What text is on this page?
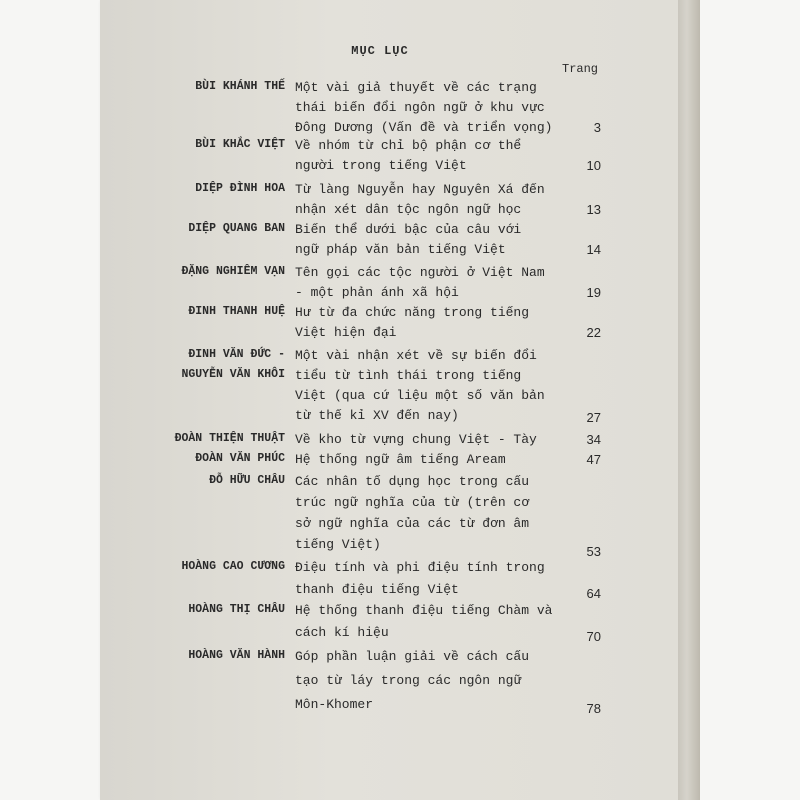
MỤC LỤC
Trang
BÙI KHÁNH THẾ Một vài giả thuyết về các trạng
thái biến đổi ngôn ngữ ở khu vực
Đông Dương (Vấn đề và triển vọng)	3
BÙI KHẮC VIỆT Về nhóm từ chỉ bộ phận cơ thể
người trong tiếng Việt	10
DIỆP ĐÌNH HOA Từ làng Nguyễn hay Nguyên Xá đến
nhận xét dân tộc ngôn ngữ học	13
DIỆP QUANG BAN Biến thể dưới bậc của câu với
ngữ pháp văn bản tiếng Việt	14
ĐẶNG NGHIÊM VẠN Tên gọi các tộc người ở Việt Nam
- một phản ánh xã hội	19
ĐINH THANH HUỆ Hư từ đa chức năng trong tiếng
Việt hiện đại	22
ĐINH VĂN ĐỨC -
NGUYỄN VĂN KHÔI
Một vài nhận xét về sự biến đổi
tiểu từ tình thái trong tiếng
Việt (qua cứ liệu một số văn bản
từ thế kỉ XV đến nay)	27
ĐOÀN THIỆN THUẬT Về kho từ vựng chung Việt - Tày	34
ĐOÀN VĂN PHÚC Hệ thống ngữ âm tiếng Aream	47
ĐỖ HỮU CHÂU Các nhân tố dụng học trong cấu
trúc ngữ nghĩa của từ (trên cơ
sở ngữ nghĩa của các từ đơn âm
tiếng Việt)	53
HOÀNG CAO CƯƠNG Điệu tính và phi điệu tính trong
thanh điệu tiếng Việt	64
HOÀNG THỊ CHÂU Hệ thống thanh điệu tiếng Chàm và
cách kí hiệu	70
HOÀNG VĂN HÀNH Góp phần luận giải về cách cấu
tạo từ láy trong các ngôn ngữ
Môn-Khomer	78
